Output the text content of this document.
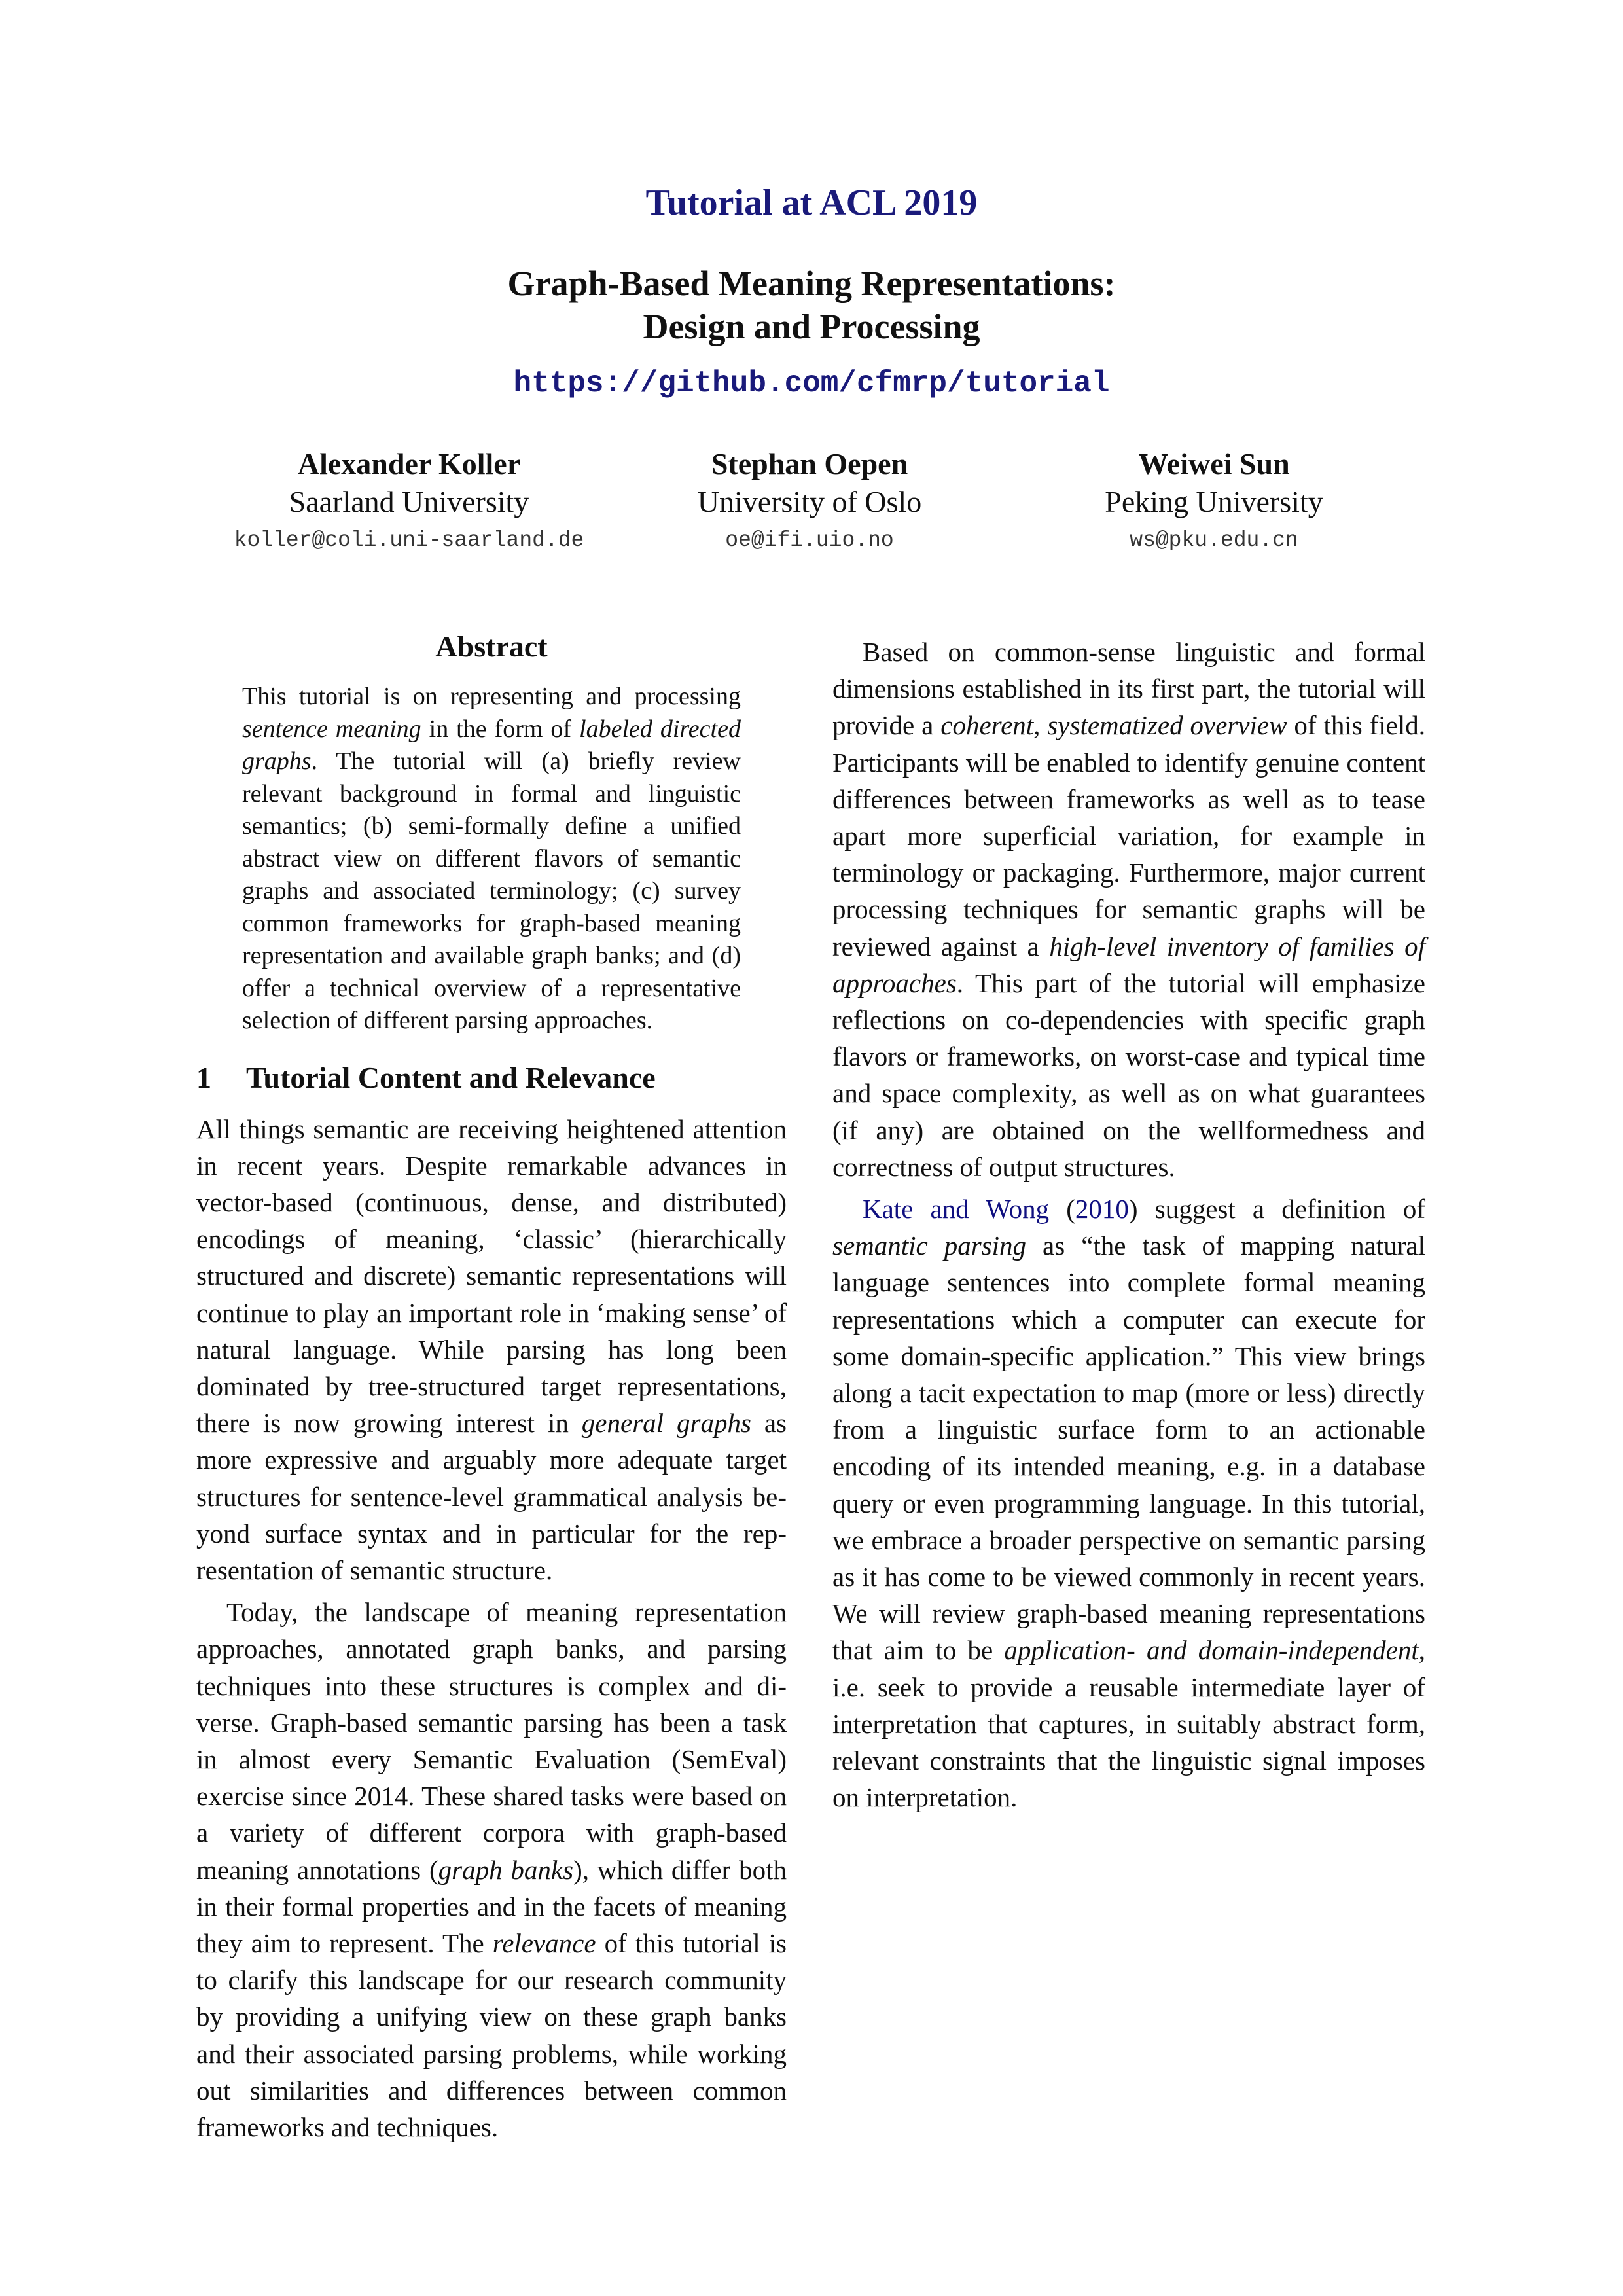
Tutorial at ACL 2019
Graph-Based Meaning Representations:
Design and Processing
https://github.com/cfmrp/tutorial
Alexander Koller
Saarland University
koller@coli.uni-saarland.de
Stephan Oepen
University of Oslo
oe@ifi.uio.no
Weiwei Sun
Peking University
ws@pku.edu.cn
Abstract

This tutorial is on representing and processing sentence meaning in the form of labeled directed graphs. The tutorial will (a) briefly review relevant background in formal and linguistic semantics; (b) semi-formally define a unified abstract view on different flavors of semantic graphs and associated terminology; (c) survey common frameworks for graph-based meaning representation and available graph banks; and (d) offer a technical overview of a representative selection of different parsing approaches.

1 Tutorial Content and Relevance

All things semantic are receiving heightened attention in recent years. Despite remarkable advances in vector-based (continuous, dense, and distributed) encodings of meaning, ‘classic’ (hierarchically structured and discrete) semantic representations will continue to play an important role in ‘making sense’ of natural language. While parsing has long been dominated by tree-structured target representations, there is now growing interest in general graphs as more expressive and arguably more adequate target structures for sentence-level grammatical analysis beyond surface syntax and in particular for the representation of semantic structure.

Today, the landscape of meaning representation approaches, annotated graph banks, and parsing techniques into these structures is complex and diverse. Graph-based semantic parsing has been a task in almost every Semantic Evaluation (SemEval) exercise since 2014. These shared tasks were based on a variety of different corpora with graph-based meaning annotations (graph banks), which differ both in their formal properties and in the facets of meaning they aim to represent. The relevance of this tutorial is to clarify this landscape for our research community by providing a unifying view on these graph banks and their associated parsing problems, while working out similarities and differences between common frameworks and techniques.

Based on common-sense linguistic and formal dimensions established in its first part, the tutorial will provide a coherent, systematized overview of this field. Participants will be enabled to identify genuine content differences between frameworks as well as to tease apart more superficial variation, for example in terminology or packaging. Furthermore, major current processing techniques for semantic graphs will be reviewed against a high-level inventory of families of approaches. This part of the tutorial will emphasize reflections on co-dependencies with specific graph flavors or frameworks, on worst-case and typical time and space complexity, as well as on what guarantees (if any) are obtained on the wellformedness and correctness of output structures.

Kate and Wong (2010) suggest a definition of semantic parsing as “the task of mapping natural language sentences into complete formal meaning representations which a computer can execute for some domain-specific application.” This view brings along a tacit expectation to map (more or less) directly from a linguistic surface form to an actionable encoding of its intended meaning, e.g. in a database query or even programming language. In this tutorial, we embrace a broader perspective on semantic parsing as it has come to be viewed commonly in recent years. We will review graph-based meaning representations that aim to be application- and domain-independent, i.e. seek to provide a reusable intermediate layer of interpretation that captures, in suitably abstract form, relevant constraints that the linguistic signal imposes on interpretation.
